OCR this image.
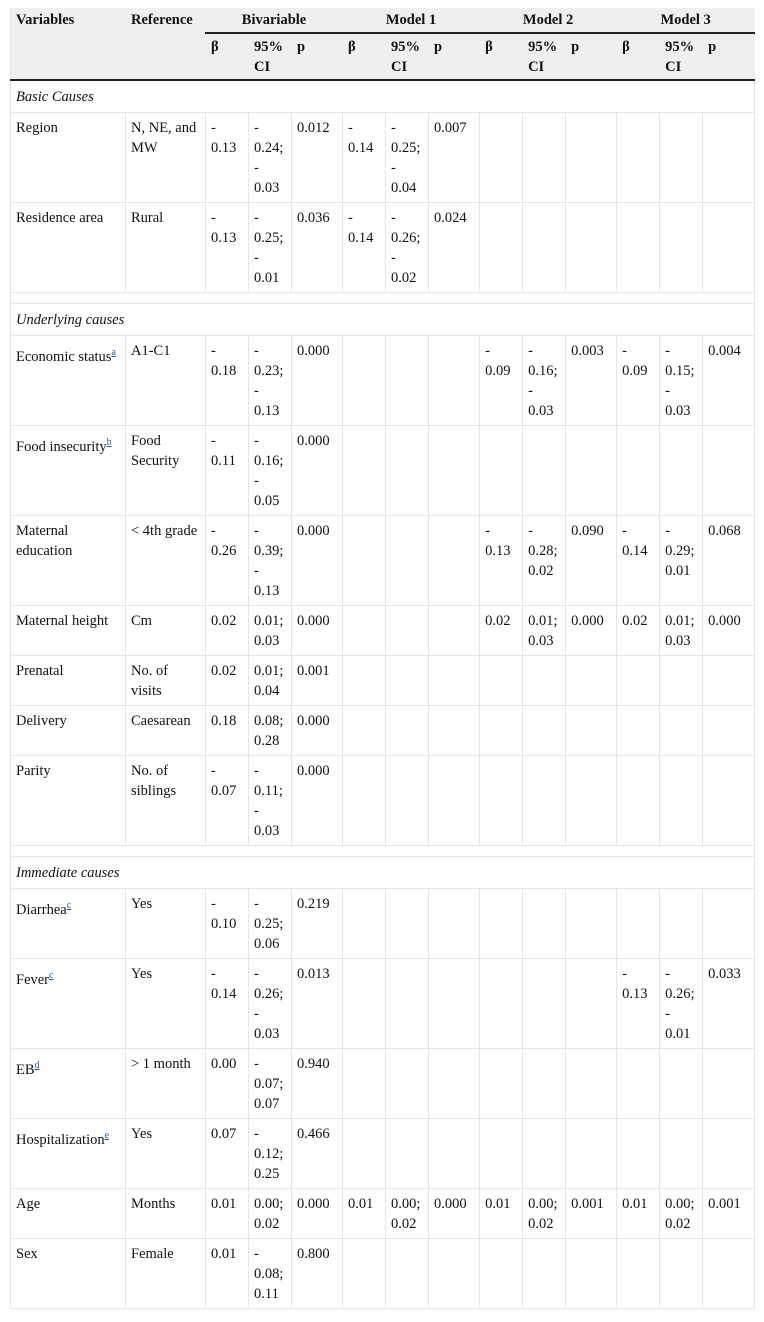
Variables	Reference	Bivariable			Model 1			Model 2			Model 3		
		β	95% CI	p	β	95% CI	p	β	95% CI	p	β	95% CI	p
Basic Causes													
Region	N, NE, and MW	- 0.13	- 0.24; - 0.03	0.012	- 0.14	- 0.25; - 0.04	0.007						
Residence area	Rural	- 0.13	- 0.25; - 0.01	0.036	- 0.14	- 0.26; - 0.02	0.024						

Underlying causes													
Economic status$^a$	A1-C1	- 0.18	- 0.23; - 0.13	0.000				- 0.09	- 0.16; - 0.03	0.003	- 0.09	- 0.15; - 0.03	0.004
Food insecurity$^b$	Food Security	- 0.11	- 0.16; - 0.05	0.000									
Maternal education	< 4th grade	- 0.26	- 0.39; - 0.13	0.000				- 0.13	- 0.28; 0.02	0.090	- 0.14	- 0.29; 0.01	0.068
Maternal height	Cm	0.02	0.01; 0.03	0.000				0.02	0.01; 0.03	0.000	0.02	0.01; 0.03	0.000
Prenatal	No. of visits	0.02	0.01; 0.04	0.001									
Delivery	Caesarean	0.18	0.08; 0.28	0.000									
Parity	No. of siblings	- 0.07	- 0.11; - 0.03	0.000									

Immediate causes													
Diarrhea$^c$	Yes	- 0.10	- 0.25; 0.06	0.219									
Fever$^c$	Yes	- 0.14	- 0.26; - 0.03	0.013							- 0.13	- 0.26; - 0.01	0.033
EB$^d$	> 1 month	0.00	- 0.07; 0.07	0.940									
Hospitalization$^e$	Yes	0.07	- 0.12; 0.25	0.466									
Age	Months	0.01	0.00; 0.02	0.000	0.01	0.00; 0.02	0.000	0.01	0.00; 0.02	0.001	0.01	0.00; 0.02	0.001
Sex	Female	0.01	- 0.08; 0.11	0.800									
